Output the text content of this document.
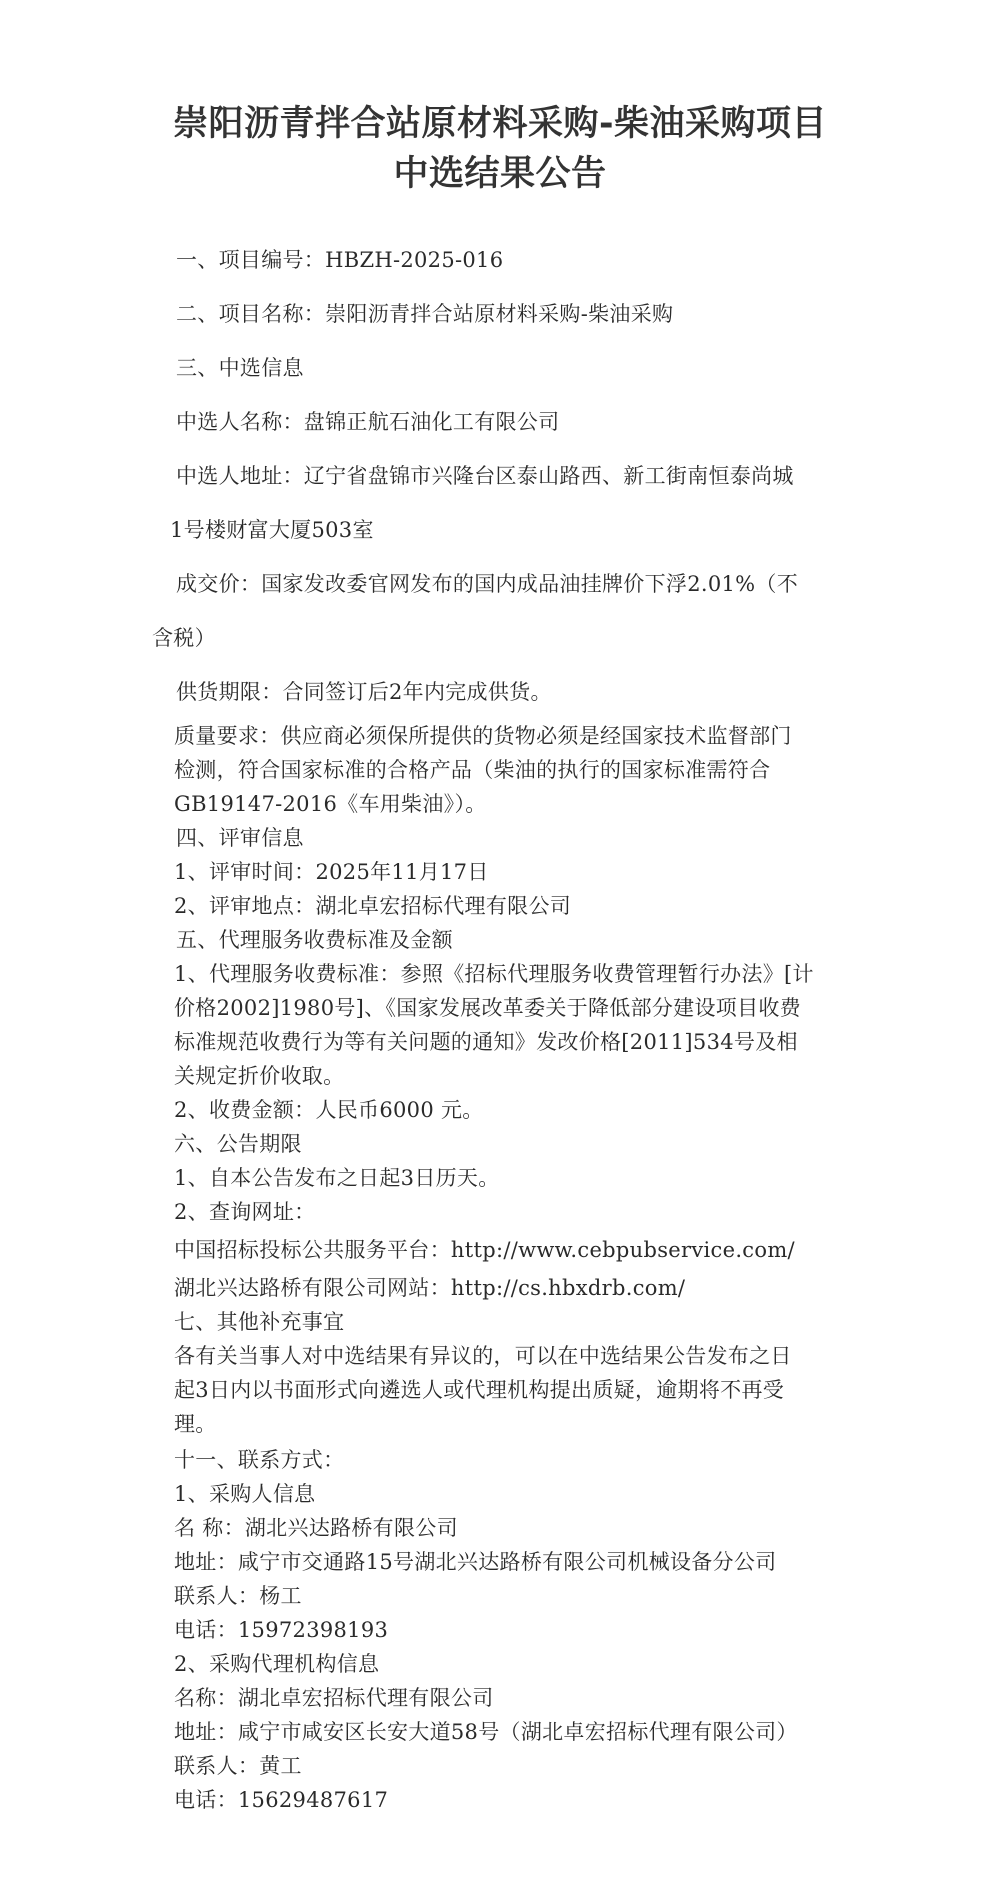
崇阳沥青拌合站原材料采购-柴油采购项目
中选结果公告
一、项目编号：HBZH-2025-016
二、项目名称：崇阳沥青拌合站原材料采购-柴油采购
三、中选信息
中选人名称：盘锦正航石油化工有限公司
中选人地址：辽宁省盘锦市兴隆台区泰山路西、新工街南恒泰尚城
1号楼财富大厦503室
成交价：国家发改委官网发布的国内成品油挂牌价下浮2.01%（不
含税）
供货期限：合同签订后2年内完成供货。
质量要求：供应商必须保所提供的货物必须是经国家技术监督部门
检测，符合国家标准的合格产品（柴油的执行的国家标准需符合
GB19147-2016《车用柴油》）。
四、评审信息
1、评审时间：2025年11月17日
2、评审地点：湖北卓宏招标代理有限公司
五、代理服务收费标准及金额
1、代理服务收费标准：参照《招标代理服务收费管理暂行办法》[计
价格2002]1980号]、《国家发展改革委关于降低部分建设项目收费
标准规范收费行为等有关问题的通知》发改价格[2011]534号及相
关规定折价收取。
2、收费金额：人民币6000 元。
六、公告期限
1、自本公告发布之日起3日历天。
2、查询网址：
中国招标投标公共服务平台：http://www.cebpubservice.com/
湖北兴达路桥有限公司网站：http://cs.hbxdrb.com/
七、其他补充事宜
各有关当事人对中选结果有异议的，可以在中选结果公告发布之日
起3日内以书面形式向遴选人或代理机构提出质疑，逾期将不再受
理。
十一、联系方式：
1、采购人信息
名 称：湖北兴达路桥有限公司
地址：咸宁市交通路15号湖北兴达路桥有限公司机械设备分公司
联系人：杨工
电话：15972398193
2、采购代理机构信息
名称：湖北卓宏招标代理有限公司
地址：咸宁市咸安区长安大道58号（湖北卓宏招标代理有限公司）
联系人：黄工
电话：15629487617
